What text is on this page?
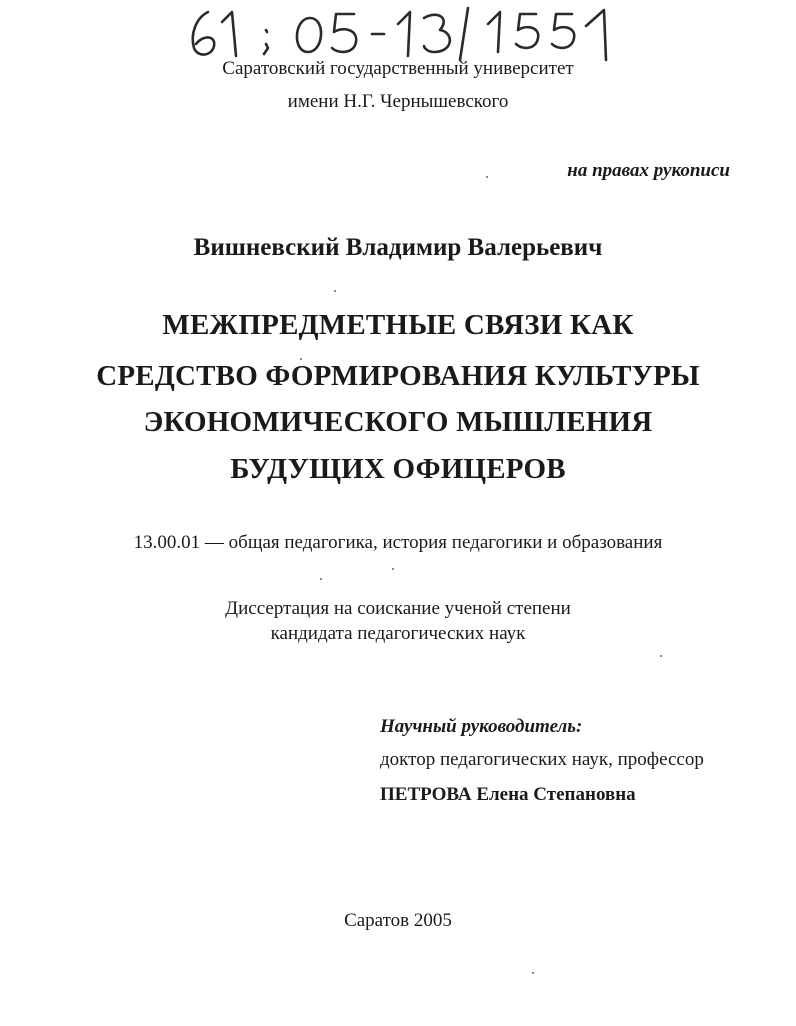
Саратовский государственный университет
имени Н.Г. Чернышевского
на правах рукописи
Вишневский Владимир Валерьевич
МЕЖПРЕДМЕТНЫЕ СВЯЗИ КАК
СРЕДСТВО ФОРМИРОВАНИЯ КУЛЬТУРЫ
ЭКОНОМИЧЕСКОГО МЫШЛЕНИЯ
БУДУЩИХ ОФИЦЕРОВ
13.00.01 — общая педагогика, история педагогики и образования
Диссертация на соискание ученой степени
кандидата педагогических наук
Научный руководитель:
доктор педагогических наук, профессор
ПЕТРОВА Елена Степановна
Саратов 2005
